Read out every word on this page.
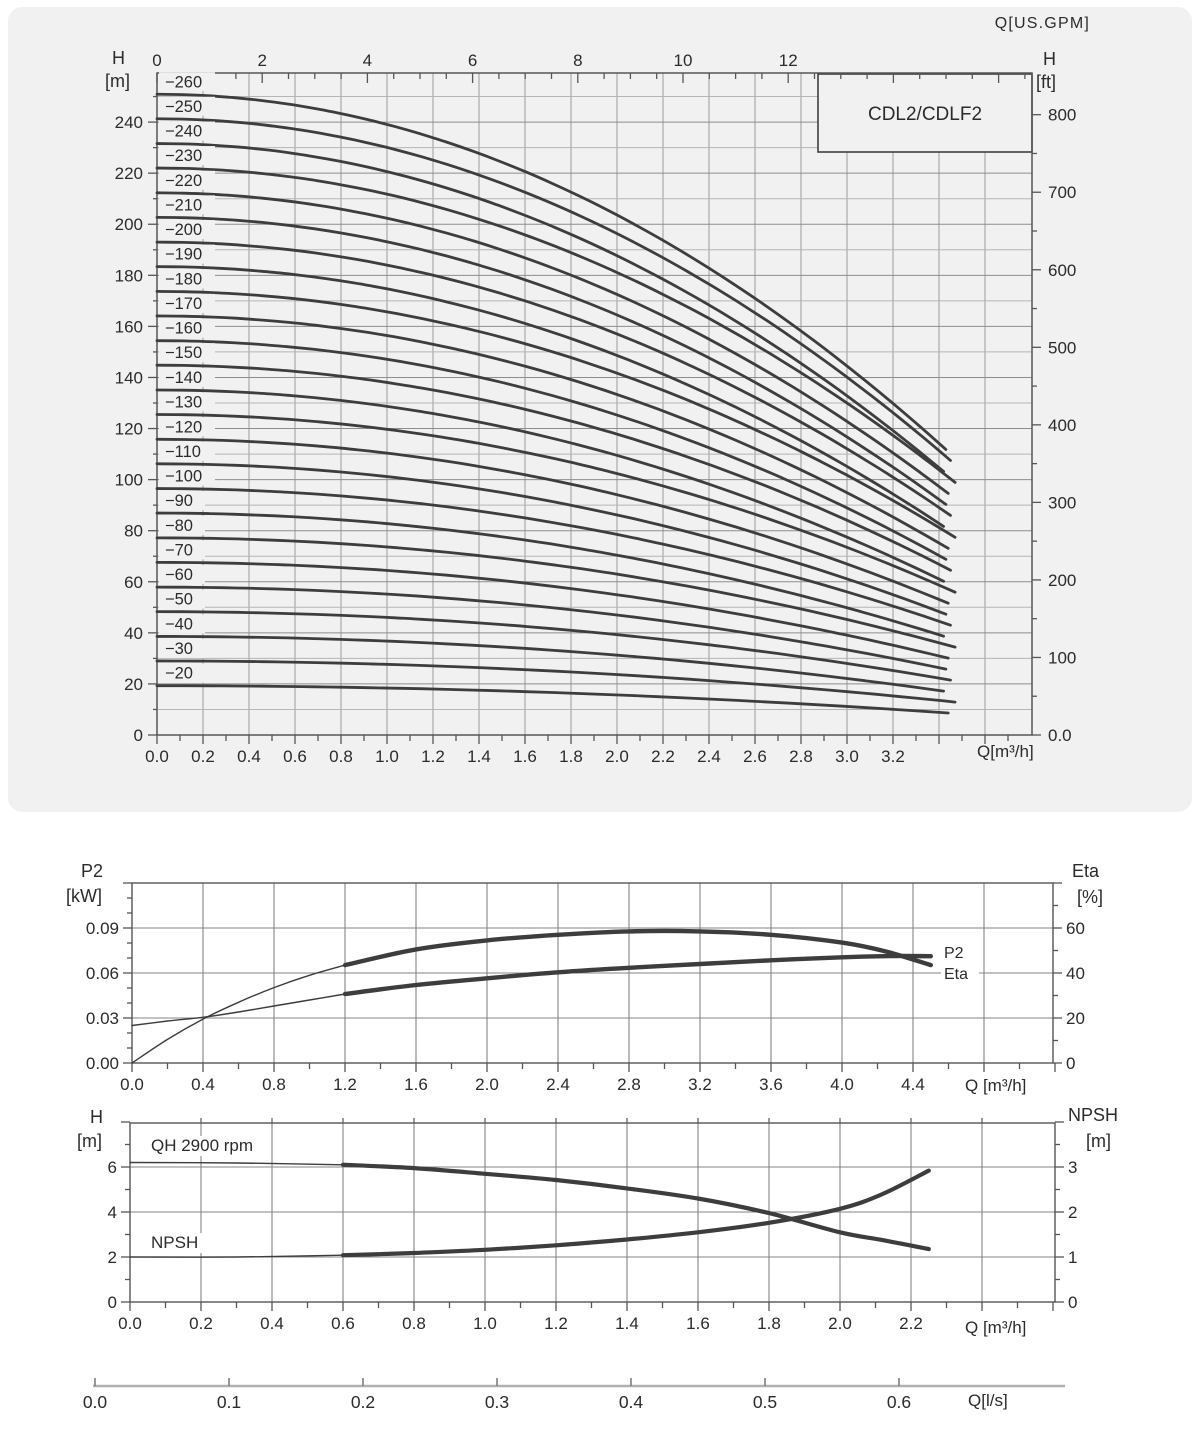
CDL2/CDLF2
0	2	4	6	8	10	12
0
20
40
60
80
100
120
140
160
180
200
220
240
0.0
100
200
300
400
500
600
700
800
0.0 0.2 0.4 0.6 0.8 1.0 1.2 1.4 1.6 1.8 2.0 2.2 2.4 2.6 2.8 3.0 3.2
−20
−30
−40
−50
−60
−70
−80
−90
−100
−110
−120
−130
−140
−150
−160
−170
−180
−190
−200
−210
−220
−230
−240
−250
−260
0.0	0.4	0.8	1.2	1.6	2.0	2.4	2.8	3.2	3.6	4.0	4.4
0.00
0.03
0.06
0.09
0
20
40
60
P2
Eta
0.0	0.2	0.4	0.6	0.8	1.0	1.2	1.4	1.6	1.8	2.0	2.2
0
2
4
6
0
1
2
3
0.0	0.1	0.2	0.3	0.4	0.5	0.6
H
[m]
Q[US.GPM]
H
[ft]
Q[m³/h]
P2
[kW]
Eta
[%]
Q [m³/h]
H
[m]
NPSH
[m]
QH 2900 rpm
NPSH
Q [m³/h]
Q[l/s]
